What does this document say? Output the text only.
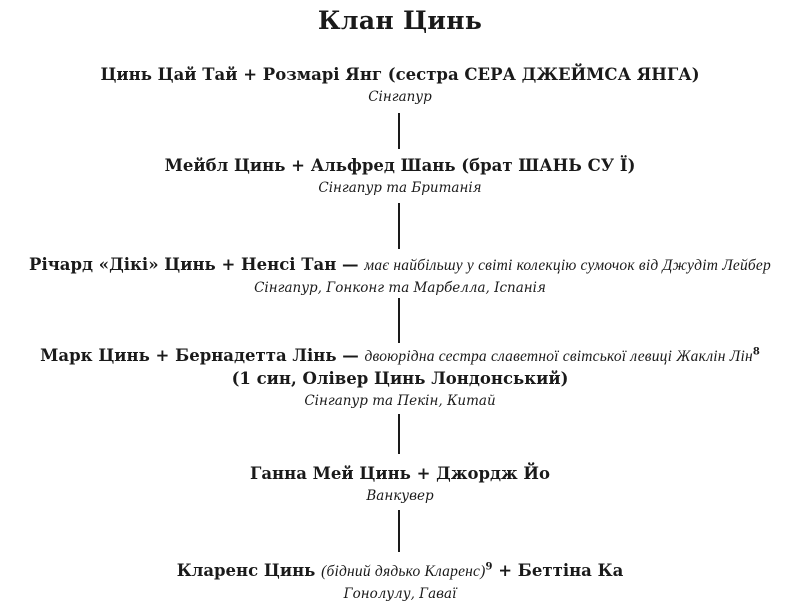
Клан Цинь
Цинь Цай Тай + Розмарі Янг (сестра СЕРА ДЖЕЙМСА ЯНГА)
Сінгапур
Мейбл Цинь + Альфред Шань (брат ШАНЬ СУ Ї)
Сінгапур та Британія
Річард «Дікі» Цинь + Ненсі Тан — має найбільшу у світі колекцію сумочок від Джудіт Лейбер
Сінгапур, Гонконг та Марбелла, Іспанія
Марк Цинь + Бернадетта Лінь — двоюрідна сестра славетної світської левиці Жаклін Лін$^8$
(1 син, Олівер Цинь Лондонський)
Сінгапур та Пекін, Китай
Ганна Мей Цинь + Джордж Йо
Ванкувер
Кларенс Цинь (бідний дядько Кларенс)$^9$ + Беттіна Ка
Гонолулу, Гаваї
